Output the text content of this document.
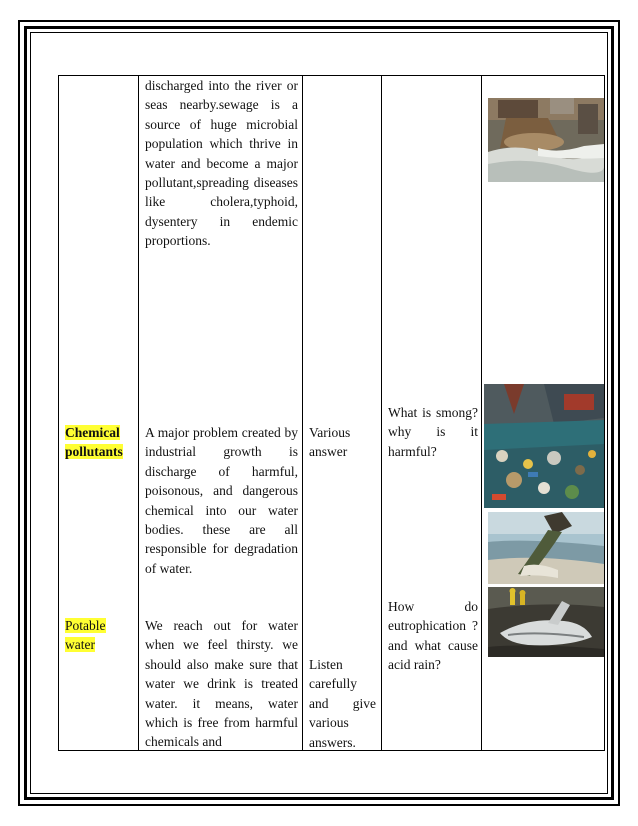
discharged into the river or seas nearby.sewage is a source of huge microbial population which thrive in water and become a major pollutant,spreading diseases like cholera,typhoid, dysentery in endemic proportions.
Chemical pollutants
A major problem created by industrial growth is discharge of harmful, poisonous, and dangerous chemical into our water bodies. these are all responsible for degradation of water.
Various answer
What is smong?why is it harmful?
Potable water
We reach out for water when we feel thirsty. we should also make sure that water we drink is treated water. it means, water which is free from harmful chemicals and
Listen carefully and give various answers.
How do eutrophication ? and what cause acid rain?
